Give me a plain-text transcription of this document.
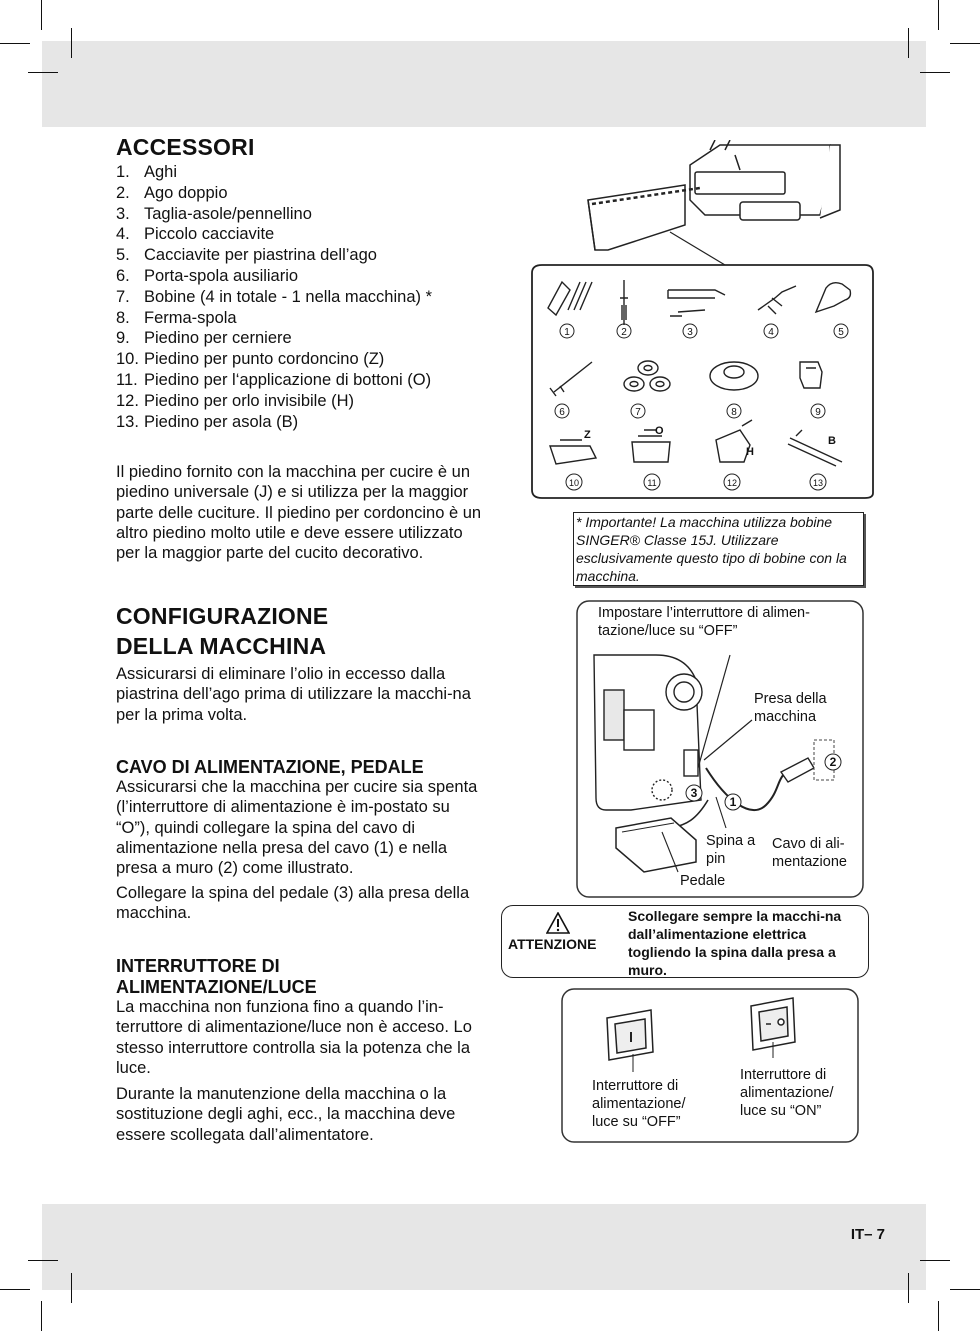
IT– 7
ACCESSORI
1. Aghi
2. Ago doppio
3. Taglia-asole/pennellino
4. Piccolo cacciavite
5. Cacciavite per piastrina dell’ago
6. Porta-spola ausiliario
7. Bobine (4 in totale - 1 nella macchina) *
8. Ferma-spola
9. Piedino per cerniere
10. Piedino per punto cordoncino (Z)
11. Piedino per l‘applicazione di bottoni (O)
12. Piedino per orlo invisibile (H)
13. Piedino per asola (B)

Il piedino fornito con la macchina per cucire è un piedino universale (J) e si utilizza per la maggior parte delle cuciture. Il piedino per cordoncino è un altro piedino molto utile e deve essere utilizzato per la maggior parte del cucito decorativo.

CONFIGURAZIONE
DELLA MACCHINA

Assicurarsi di eliminare l’olio in eccesso dalla piastrina dell’ago prima di utilizzare la macchi-na per la prima volta.

CAVO DI ALIMENTAZIONE, PEDALE

Assicurarsi che la macchina per cucire sia spenta (l’interruttore di alimentazione è im-postato su “O”), quindi collegare la spina del cavo di alimentazione nella presa del cavo (1) e nella presa a muro (2) come illustrato.

Collegare la spina del pedale (3) alla presa della macchina.

INTERRUTTORE DI
ALIMENTAZIONE/LUCE

La macchina non funziona fino a quando l’in-terruttore di alimentazione/luce non è acceso. Lo stesso interruttore controlla sia la potenza che la luce.

Durante la manutenzione della macchina o la sostituzione degli aghi, ecc., la macchina deve essere scollegata dall’alimentatore.

1	2	3	4	5
6	7	8	9
10	11	12	13
Z	O
H
B
* Importante! La macchina utilizza bobine SINGER® Classe 15J. Utilizzare esclusivamente questo tipo di bobine con la macchina.
1
2
3
Impostare l’interruttore di alimen-tazione/luce su “OFF”
Presa della macchina
Spina a pin
Cavo di ali-mentazione
Pedale
ATTENZIONE
Scollegare sempre la macchi-na dall’alimentazione elettrica togliendo la spina dalla presa a muro.
Interruttore di alimentazione/ luce su “OFF”
Interruttore di alimentazione/ luce su “ON”
